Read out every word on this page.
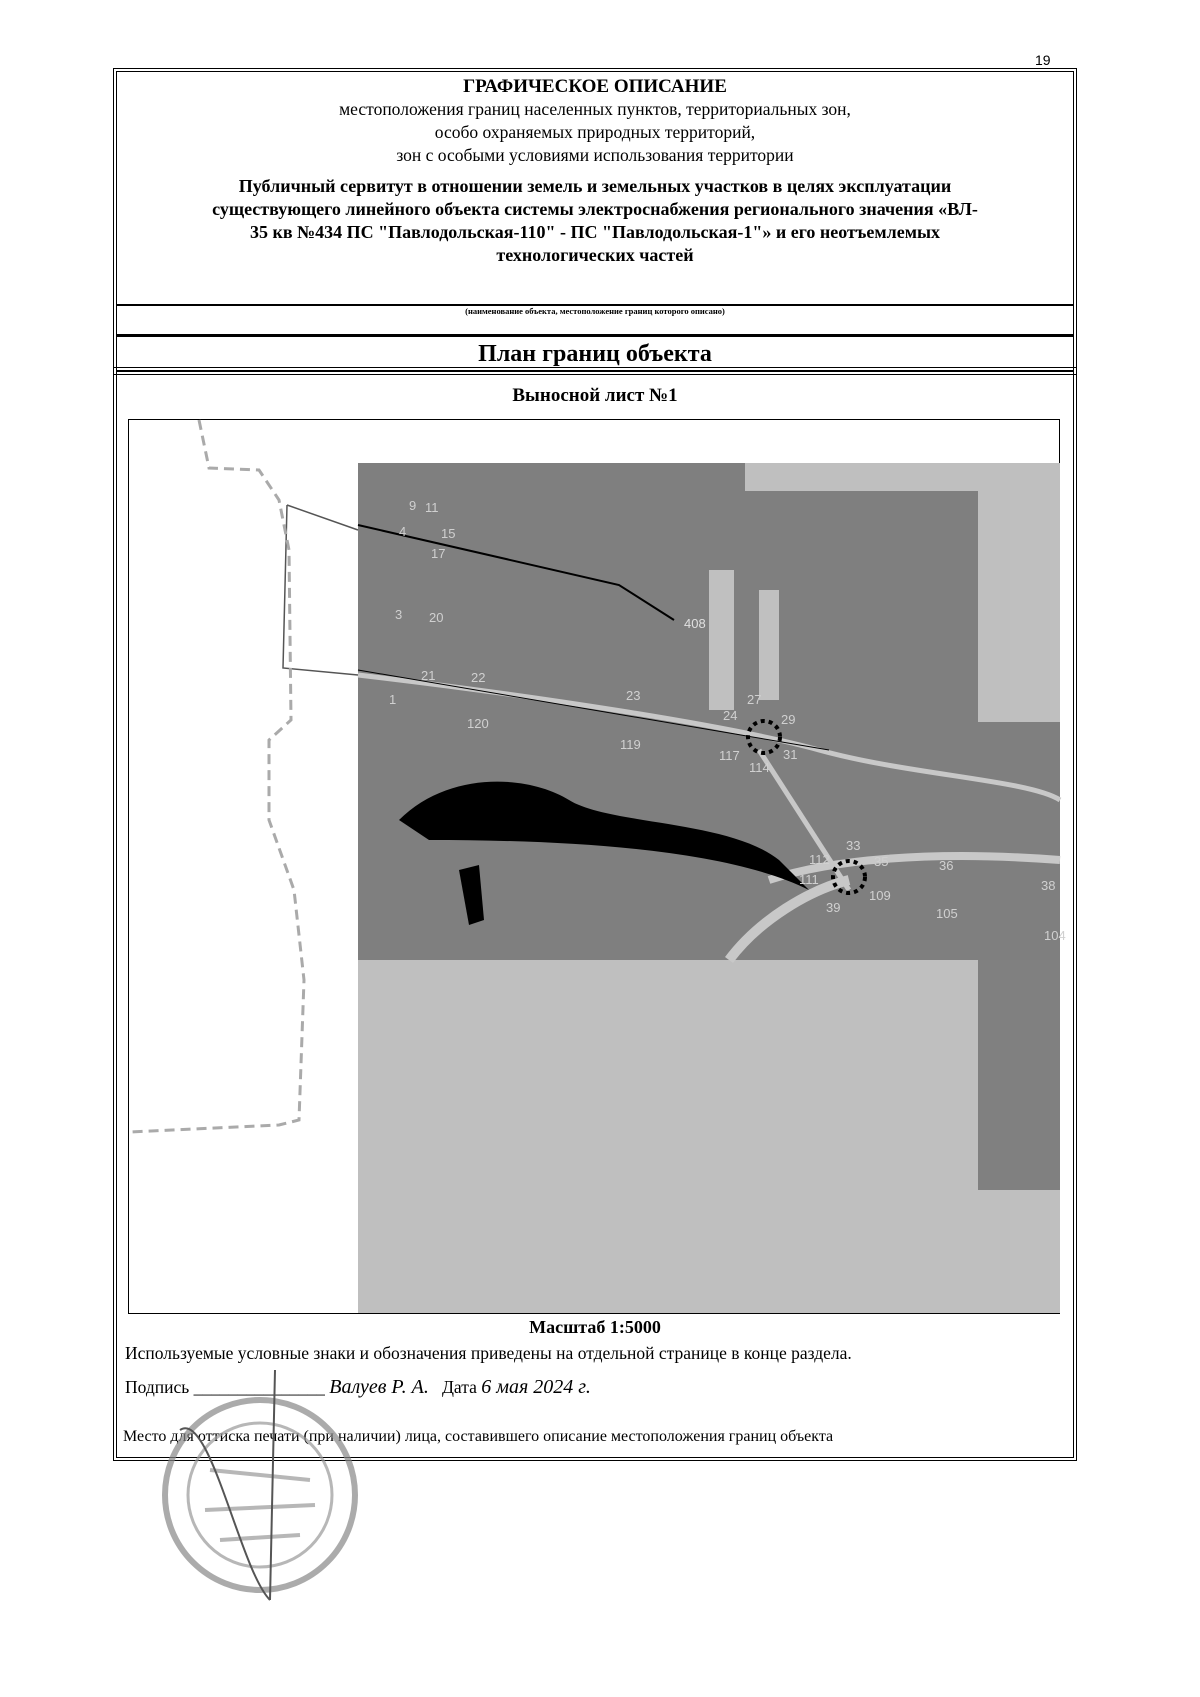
19
ГРАФИЧЕСКОЕ ОПИСАНИЕ
местоположения границ населенных пунктов, территориальных зон,
особо охраняемых природных территорий,
зон с особыми условиями использования территории
Публичный сервитут в отношении земель и земельных участков в целях эксплуатации
существующего линейного объекта системы электроснабжения регионального значения «ВЛ-
35 кв №434 ПС "Павлодольская-110" - ПС "Павлодольская-1"» и его неотъемлемых
технологических частей
(наименование объекта, местоположение границ которого описано)
План границ объекта
Выносной лист №1
9 11
4	15
17
3 20
21	22
1
120
23
119
408
24
27
29
31
117
114
112
111
33
35	36
38
39
109
105
104
Масштаб 1:5000
Используемые условные знаки и обозначения приведены на отдельной странице в конце раздела.
Подпись _______________ Валуев Р. А. Дата 6 мая 2024 г.
Место для оттиска печати (при наличии) лица, составившего описание местоположения границ объекта
